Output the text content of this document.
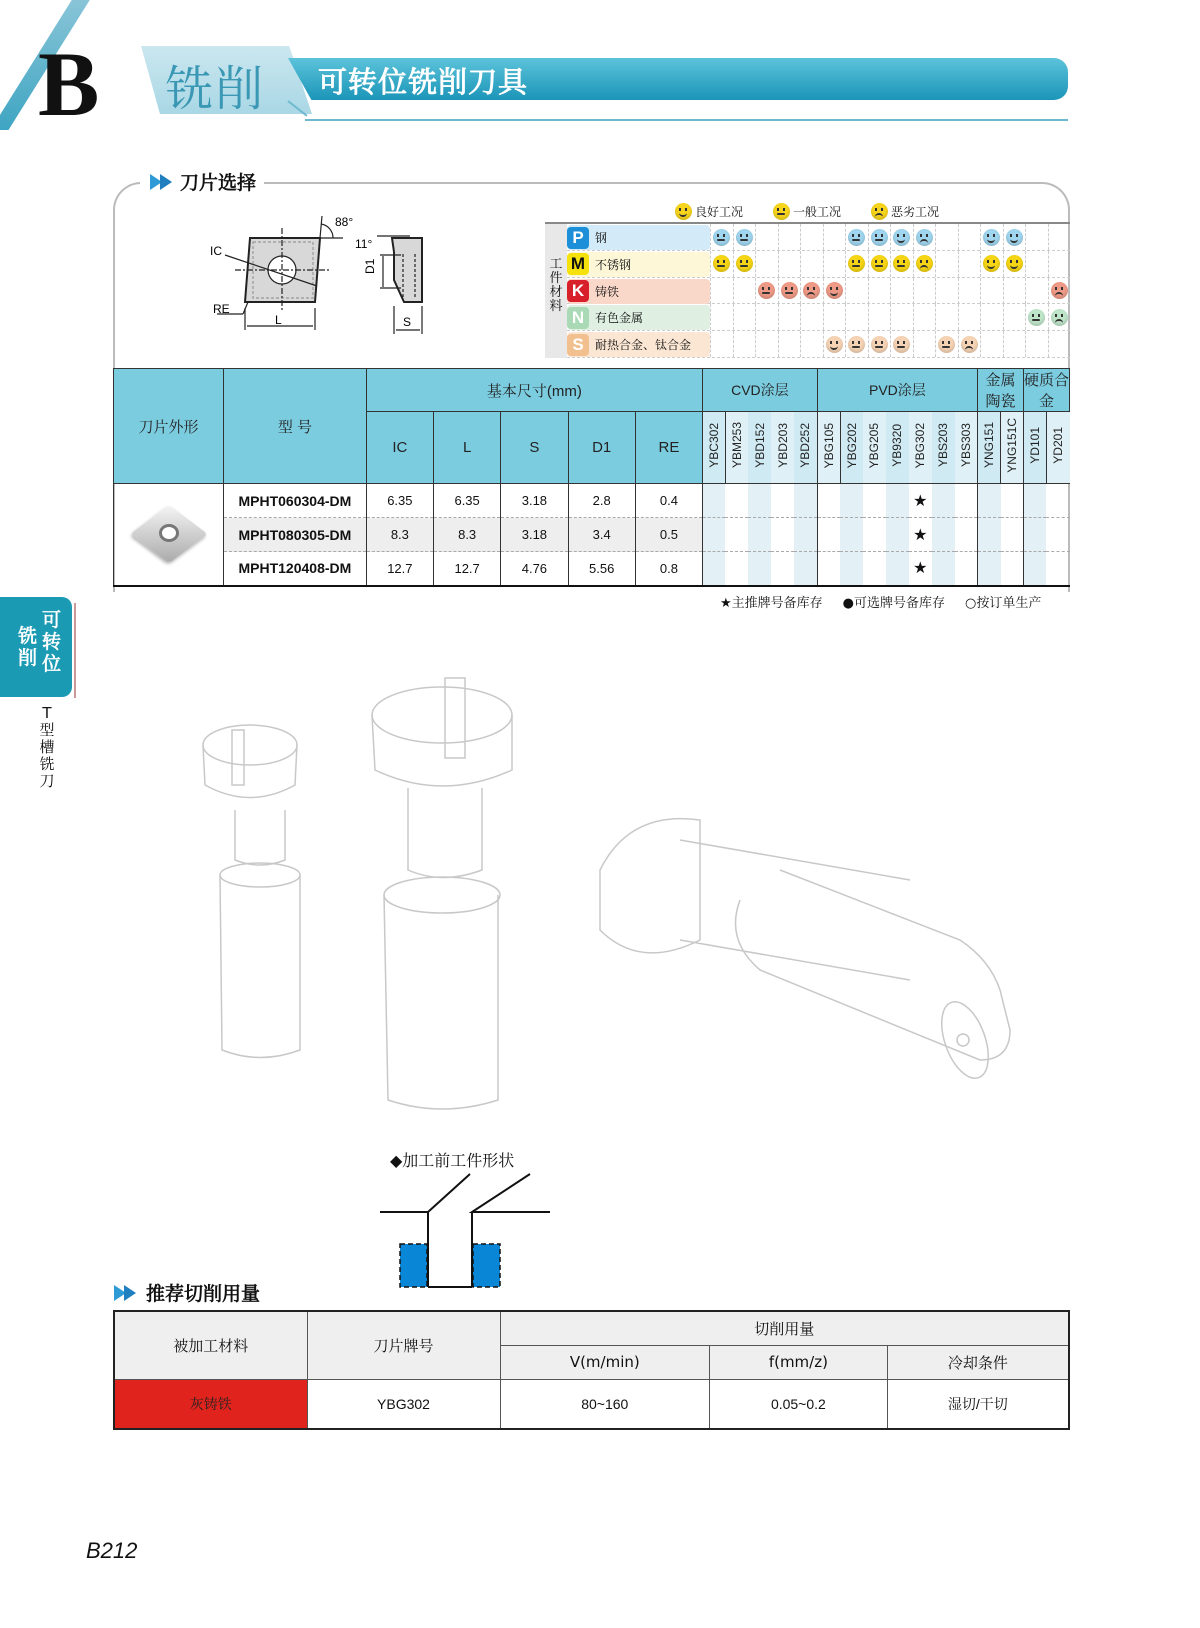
B 铣削 可转位铣削刀具
铣削
可转位
T型槽铣刀
刀片选择
88°
11°
IC
RE
L
D1
S
良好工况	一般工况	恶劣工况
工件材料
P 钢
M 不锈钢
K 铸铁
N 有色金属
S 耐热合金、钛合金
刀片外形	型 号	基本尺寸(mm)					CVD涂层					PVD涂层							金属陶瓷		硬质合金	
		IC	L	S	D1	RE	YBC302	YBM253	YBD152	YBD203	YBD252	YBG105	YBG202	YBG205	YB9320	YBG302	YBS203	YBS303	YNG151	YNG151C	YD101	YD201

	MPHT060304-DM	6.35	6.35	3.18	2.8	0.4										★						
	MPHT080305-DM	8.3	8.3	3.18	3.4	0.5										★						
	MPHT120408-DM	12.7	12.7	4.76	5.56	0.8										★						
★主推牌号备库存 ●可选牌号备库存 ○按订单生产
◆加工前工件形状
推荐切削用量
被加工材料	刀片牌号	切削用量		
		V(m/min)	f(mm/z)	冷却条件
灰铸铁	YBG302	80~160	0.05~0.2	湿切/干切
B212
